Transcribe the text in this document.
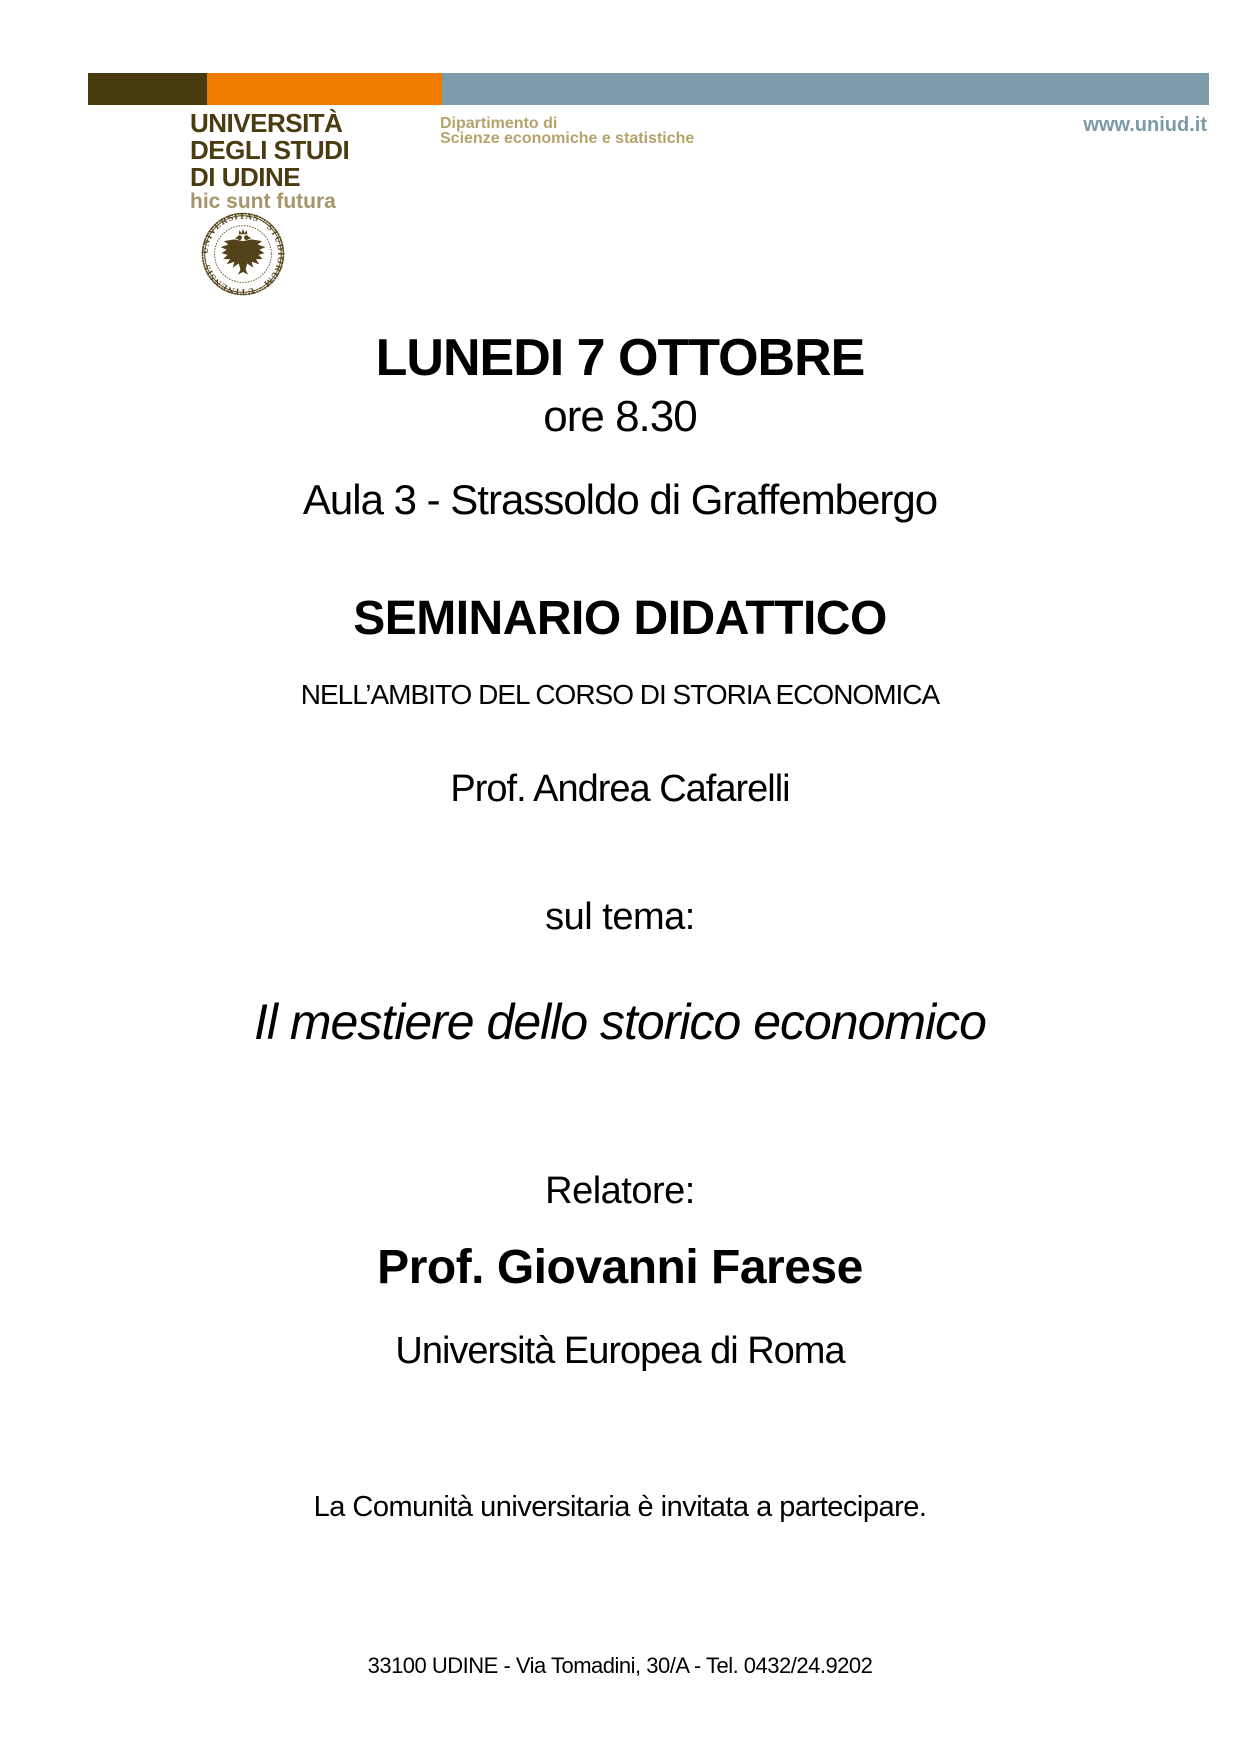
UNIVERSITÀ
DEGLI STUDI
DI UDINE
hic sunt futura
Dipartimento di
Scienze economiche e statistiche
www.uniud.it
UNIVERSITAS · STUDIORUM · UTINENSIS ·
LUNEDI 7 OTTOBRE
ore 8.30
Aula 3 - Strassoldo di Graffembergo
SEMINARIO DIDATTICO
NELL’AMBITO DEL CORSO DI STORIA ECONOMICA
Prof. Andrea Cafarelli
sul tema:
Il mestiere dello storico economico
Relatore:
Prof. Giovanni Farese
Università Europea di Roma
La Comunità universitaria è invitata a partecipare.
33100 UDINE - Via Tomadini, 30/A - Tel. 0432/24.9202
